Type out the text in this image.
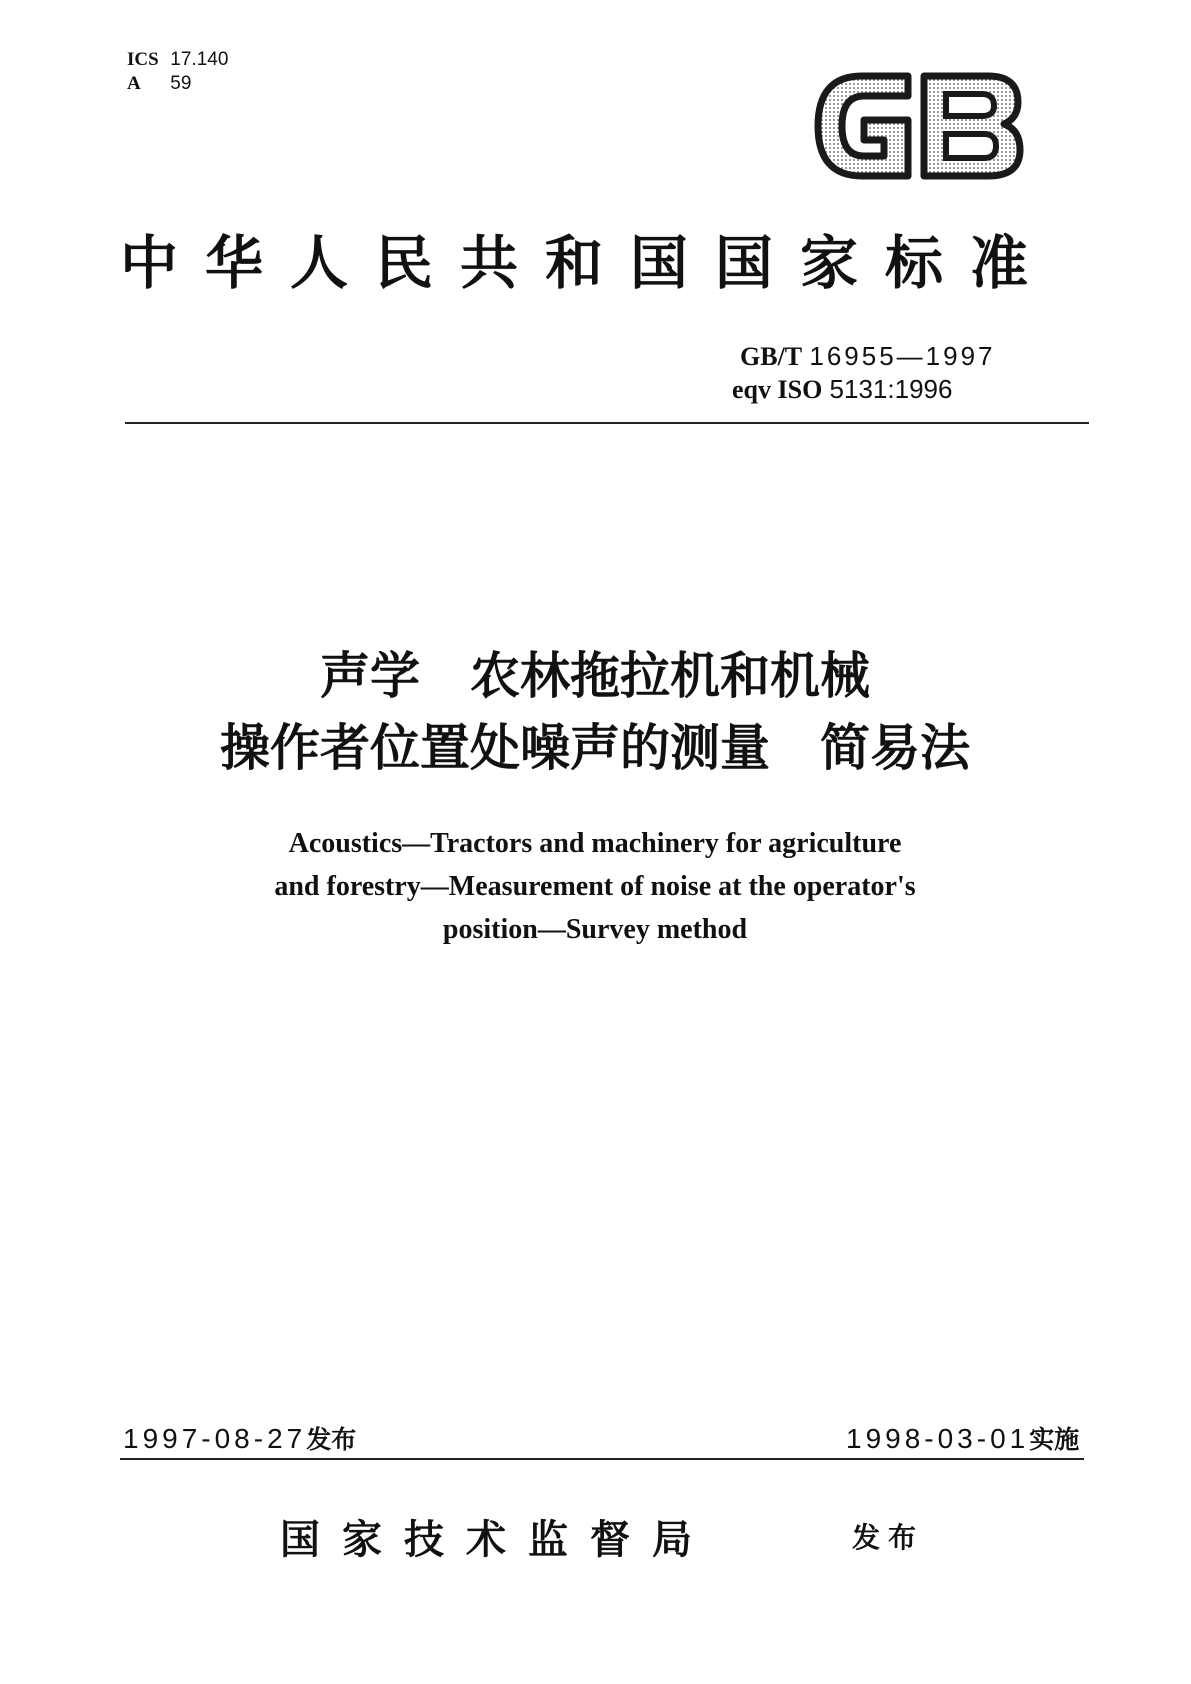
ICS 17.140
A 59
中华人民共和国国家标准
GB/T 16955—1997
eqv ISO 5131:1996
声学　农林拖拉机和机械
操作者位置处噪声的测量　简易法
Acoustics—Tractors and machinery for agriculture
and forestry—Measurement of noise at the operator's
position—Survey method
1997-08-27发布	1998-03-01实施
国家技术监督局	发布
